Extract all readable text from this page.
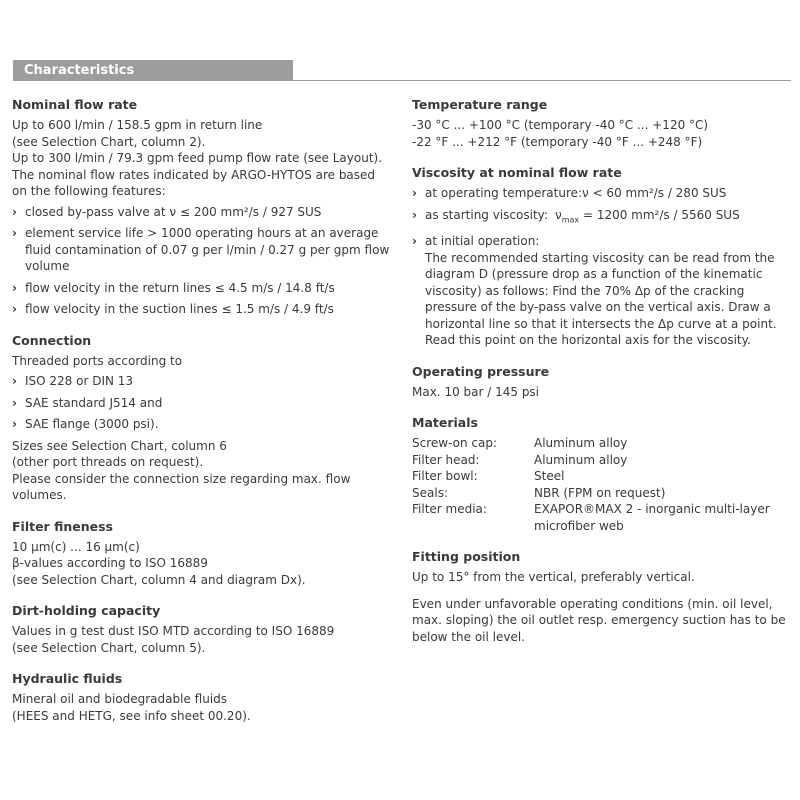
Characteristics
Nominal flow rate

Up to 600 l/min / 158.5 gpm in return line

(see Selection Chart, column 2).

Up to 300 l/min / 79.3 gpm feed pump flow rate (see Layout).

The nominal flow rates indicated by ARGO-HYTOS are based on the following features:

› closed by-pass valve at ν ≤ 200 mm²/s / 927 SUS
› element service life > 1000 operating hours at an average fluid contamination of 0.07 g per l/min / 0.27 g per gpm flow volume
› flow velocity in the return lines ≤ 4.5 m/s / 14.8 ft/s
› flow velocity in the suction lines ≤ 1.5 m/s / 4.9 ft/s
Connection

Threaded ports according to

› ISO 228 or DIN 13
› SAE standard J514 and
› SAE flange (3000 psi).

Sizes see Selection Chart, column 6

(other port threads on request).

Please consider the connection size regarding max. flow volumes.

Filter fineness

10 µm(c) ... 16 µm(c)

β-values according to ISO 16889

(see Selection Chart, column 4 and diagram Dx).

Dirt-holding capacity

Values in g test dust ISO MTD according to ISO 16889

(see Selection Chart, column 5).

Hydraulic fluids

Mineral oil and biodegradable fluids

(HEES and HETG, see info sheet 00.20).

Temperature range

-30 °C ... +100 °C (temporary -40 °C ... +120 °C)

-22 °F ... +212 °F (temporary -40 °F ... +248 °F)

Viscosity at nominal flow rate
› at operating temperature:ν < 60 mm²/s / 280 SUS
› as starting viscosity: $\nu_{max} = 1200$ mm²/s / 5560 SUS
› at initial operation:
The recommended starting viscosity can be read from the diagram D (pressure drop as a function of the kinematic viscosity) as follows: Find the 70% Δp of the cracking pressure of the by-pass valve on the vertical axis. Draw a horizontal line so that it intersects the Δp curve at a point. Read this point on the horizontal axis for the viscosity.
Operating pressure

Max. 10 bar / 145 psi

Materials
Screw-on cap:	Aluminum alloy
Filter head:	Aluminum alloy
Filter bowl:	Steel
Seals:	NBR (FPM on request)
Filter media:	EXAPOR®MAX 2 - inorganic multi-layer microfiber web
Fitting position

Up to 15° from the vertical, preferably vertical.

Even under unfavorable operating conditions (min. oil level, max. sloping) the oil outlet resp. emergency suction has to be below the oil level.
